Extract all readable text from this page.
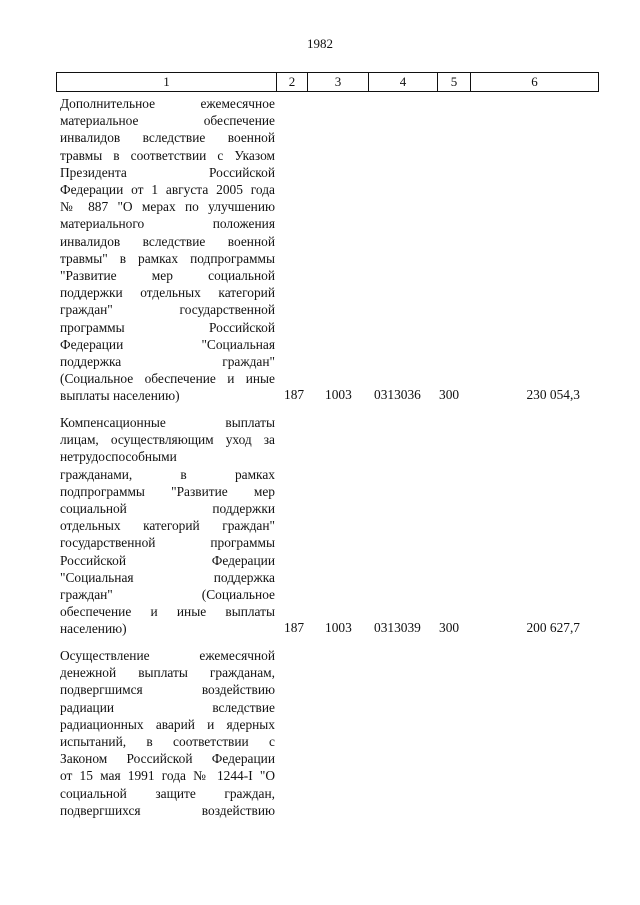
1982
1	2	3	4	5	6
Дополнительное ежемесячное
материальное обеспечение
инвалидов вследствие военной
травмы в соответствии с Указом
Президента Российской
Федерации от 1 августа 2005 года
№ 887 "О мерах по улучшению
материального положения
инвалидов вследствие военной
травмы" в рамках подпрограммы
"Развитие мер социальной
поддержки отдельных категорий
граждан" государственной
программы Российской
Федерации "Социальная
поддержка граждан"
(Социальное обеспечение и иные
выплаты населению)	187 1003 0313036 300	230 054,3
Компенсационные выплаты
лицам, осуществляющим уход за
нетрудоспособными
гражданами, в рамках
подпрограммы "Развитие мер
социальной поддержки
отдельных категорий граждан"
государственной программы
Российской Федерации
"Социальная поддержка
граждан" (Социальное
обеспечение и иные выплаты
населению)	187 1003 0313039 300	200 627,7
Осуществление ежемесячной
денежной выплаты гражданам,
подвергшимся воздействию
радиации вследствие
радиационных аварий и ядерных
испытаний, в соответствии с
Законом Российской Федерации
от 15 мая 1991 года № 1244-I "О
социальной защите граждан,
подвергшихся воздействию
